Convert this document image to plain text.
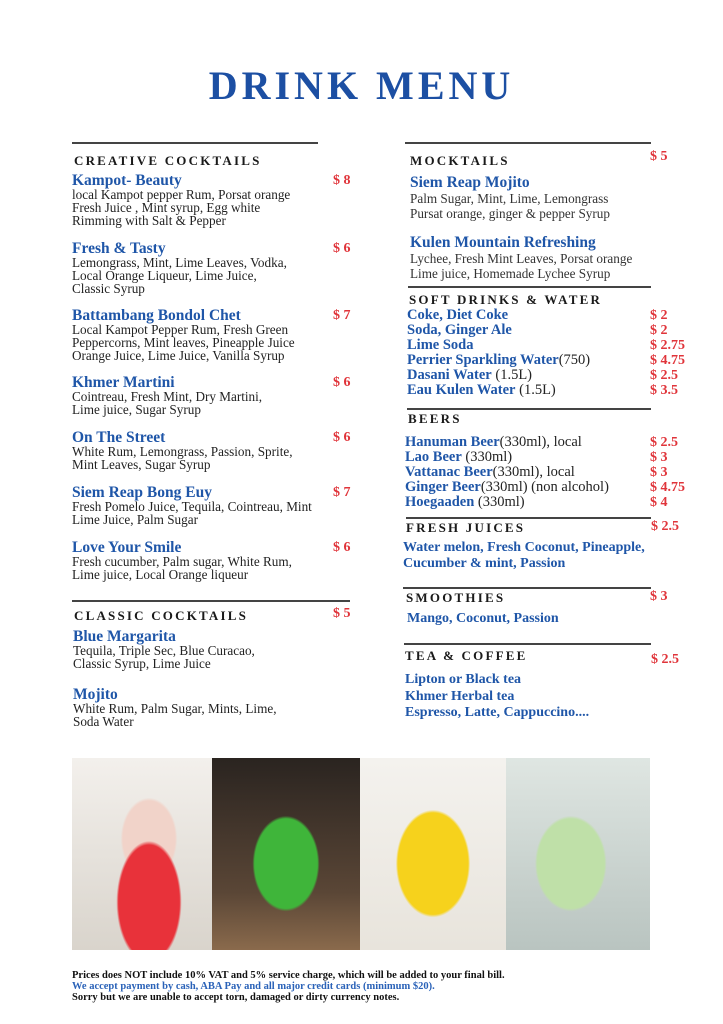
DRINK MENU
CREATIVE COCKTAILS
Kampot- Beauty
local Kampot pepper Rum, Porsat orange
Fresh Juice , Mint syrup, Egg white
Rimming with Salt & Pepper
$ 8
Fresh & Tasty
Lemongrass, Mint, Lime Leaves, Vodka,
Local Orange Liqueur, Lime Juice,
Classic Syrup
$ 6
Battambang Bondol Chet
Local Kampot Pepper Rum, Fresh Green
Peppercorns, Mint leaves, Pineapple Juice
Orange Juice, Lime Juice, Vanilla Syrup
$ 7
Khmer Martini
Cointreau, Fresh Mint, Dry Martini,
Lime juice, Sugar Syrup
$ 6
On The Street
White Rum, Lemongrass, Passion, Sprite,
Mint Leaves, Sugar Syrup
$ 6
Siem Reap Bong Euy
Fresh Pomelo Juice, Tequila, Cointreau, Mint
Lime Juice, Palm Sugar
$ 7
Love Your Smile
Fresh cucumber, Palm sugar, White Rum,
Lime juice, Local Orange liqueur
$ 6
CLASSIC COCKTAILS	$ 5
Blue Margarita
Tequila, Triple Sec, Blue Curacao,
Classic Syrup, Lime Juice
Mojito
White Rum, Palm Sugar, Mints, Lime,
Soda Water
MOCKTAILS	$ 5
Siem Reap Mojito
Palm Sugar, Mint, Lime, Lemongrass
Pursat orange, ginger & pepper Syrup
Kulen Mountain Refreshing
Lychee, Fresh Mint Leaves, Porsat orange
Lime juice, Homemade Lychee Syrup
SOFT DRINKS & WATER
Coke, Diet Coke	$ 2
Soda, Ginger Ale	$ 2
Lime Soda	$ 2.75
Perrier Sparkling Water(750)	$ 4.75
Dasani Water (1.5L)	$ 2.5
Eau Kulen Water (1.5L)	$ 3.5
BEERS
Hanuman Beer(330ml), local	$ 2.5
Lao Beer (330ml)	$ 3
Vattanac Beer(330ml), local	$ 3
Ginger Beer(330ml) (non alcohol)	$ 4.75
Hoegaaden (330ml)	$ 4
FRESH JUICES	$ 2.5
Water melon, Fresh Coconut, Pineapple,
Cucumber & mint, Passion
SMOOTHIES	$ 3
Mango, Coconut, Passion
TEA & COFFEE	$ 2.5
Lipton or Black tea
Khmer Herbal tea
Espresso, Latte, Cappuccino....
Prices does NOT include 10% VAT and 5% service charge, which will be added to your final bill.
We accept payment by cash, ABA Pay and all major credit cards (minimum $20).
Sorry but we are unable to accept torn, damaged or dirty currency notes.
